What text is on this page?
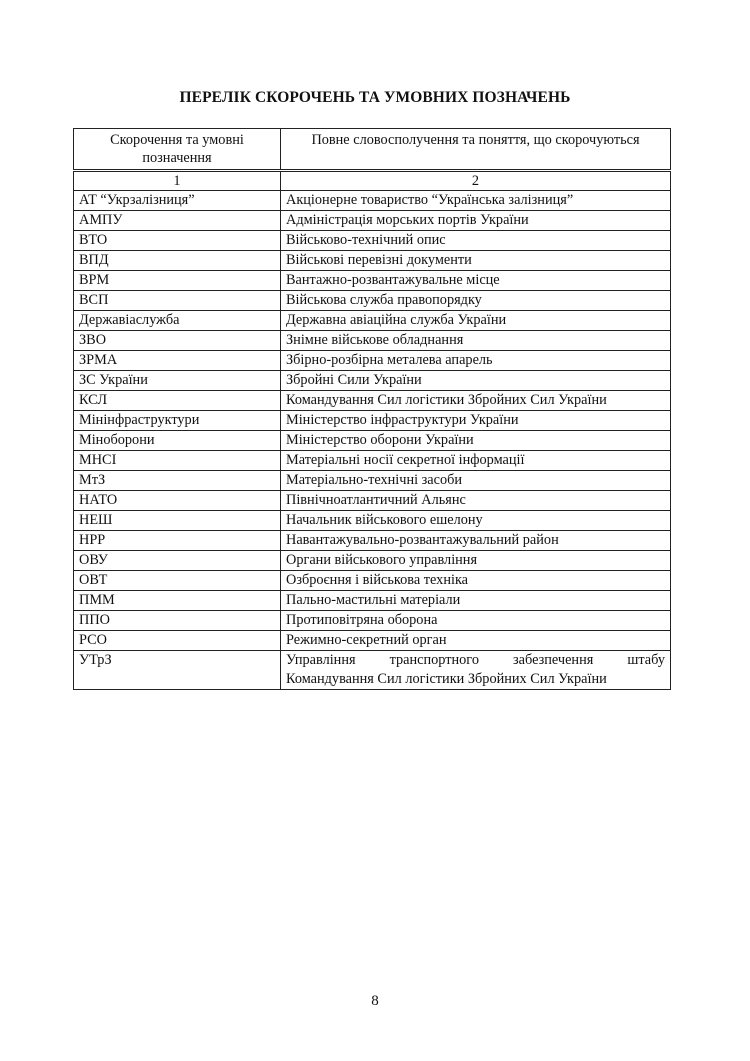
ПЕРЕЛІК СКОРОЧЕНЬ ТА УМОВНИХ ПОЗНАЧЕНЬ
Скорочення та умовні позначення	Повне словосполучення та поняття, що скорочуються
1	2
АТ “Укрзалізниця”	Акціонерне товариство “Українська залізниця”
АМПУ	Адміністрація морських портів України
ВТО	Військово-технічний опис
ВПД	Військові перевізні документи
ВРМ	Вантажно-розвантажувальне місце
ВСП	Військова служба правопорядку
Державіаслужба	Державна авіаційна служба України
ЗВО	Знімне військове обладнання
ЗРМА	Збірно-розбірна металева апарель
ЗС України	Збройні Сили України
КСЛ	Командування Сил логістики Збройних Сил України
Мінінфраструктури	Міністерство інфраструктури України
Міноборони	Міністерство оборони України
МНСІ	Матеріальні носії секретної інформації
МтЗ	Матеріально-технічні засоби
НАТО	Північноатлантичний Альянс
НЕШ	Начальник військового ешелону
НРР	Навантажувально-розвантажувальний район
ОВУ	Органи військового управління
ОВТ	Озброєння і військова техніка
ПММ	Пально-мастильні матеріали
ППО	Протиповітряна оборона
РСО	Режимно-секретний орган
УТрЗ	Управління транспортного забезпечення штабу Командування Сил логістики Збройних Сил України
8
